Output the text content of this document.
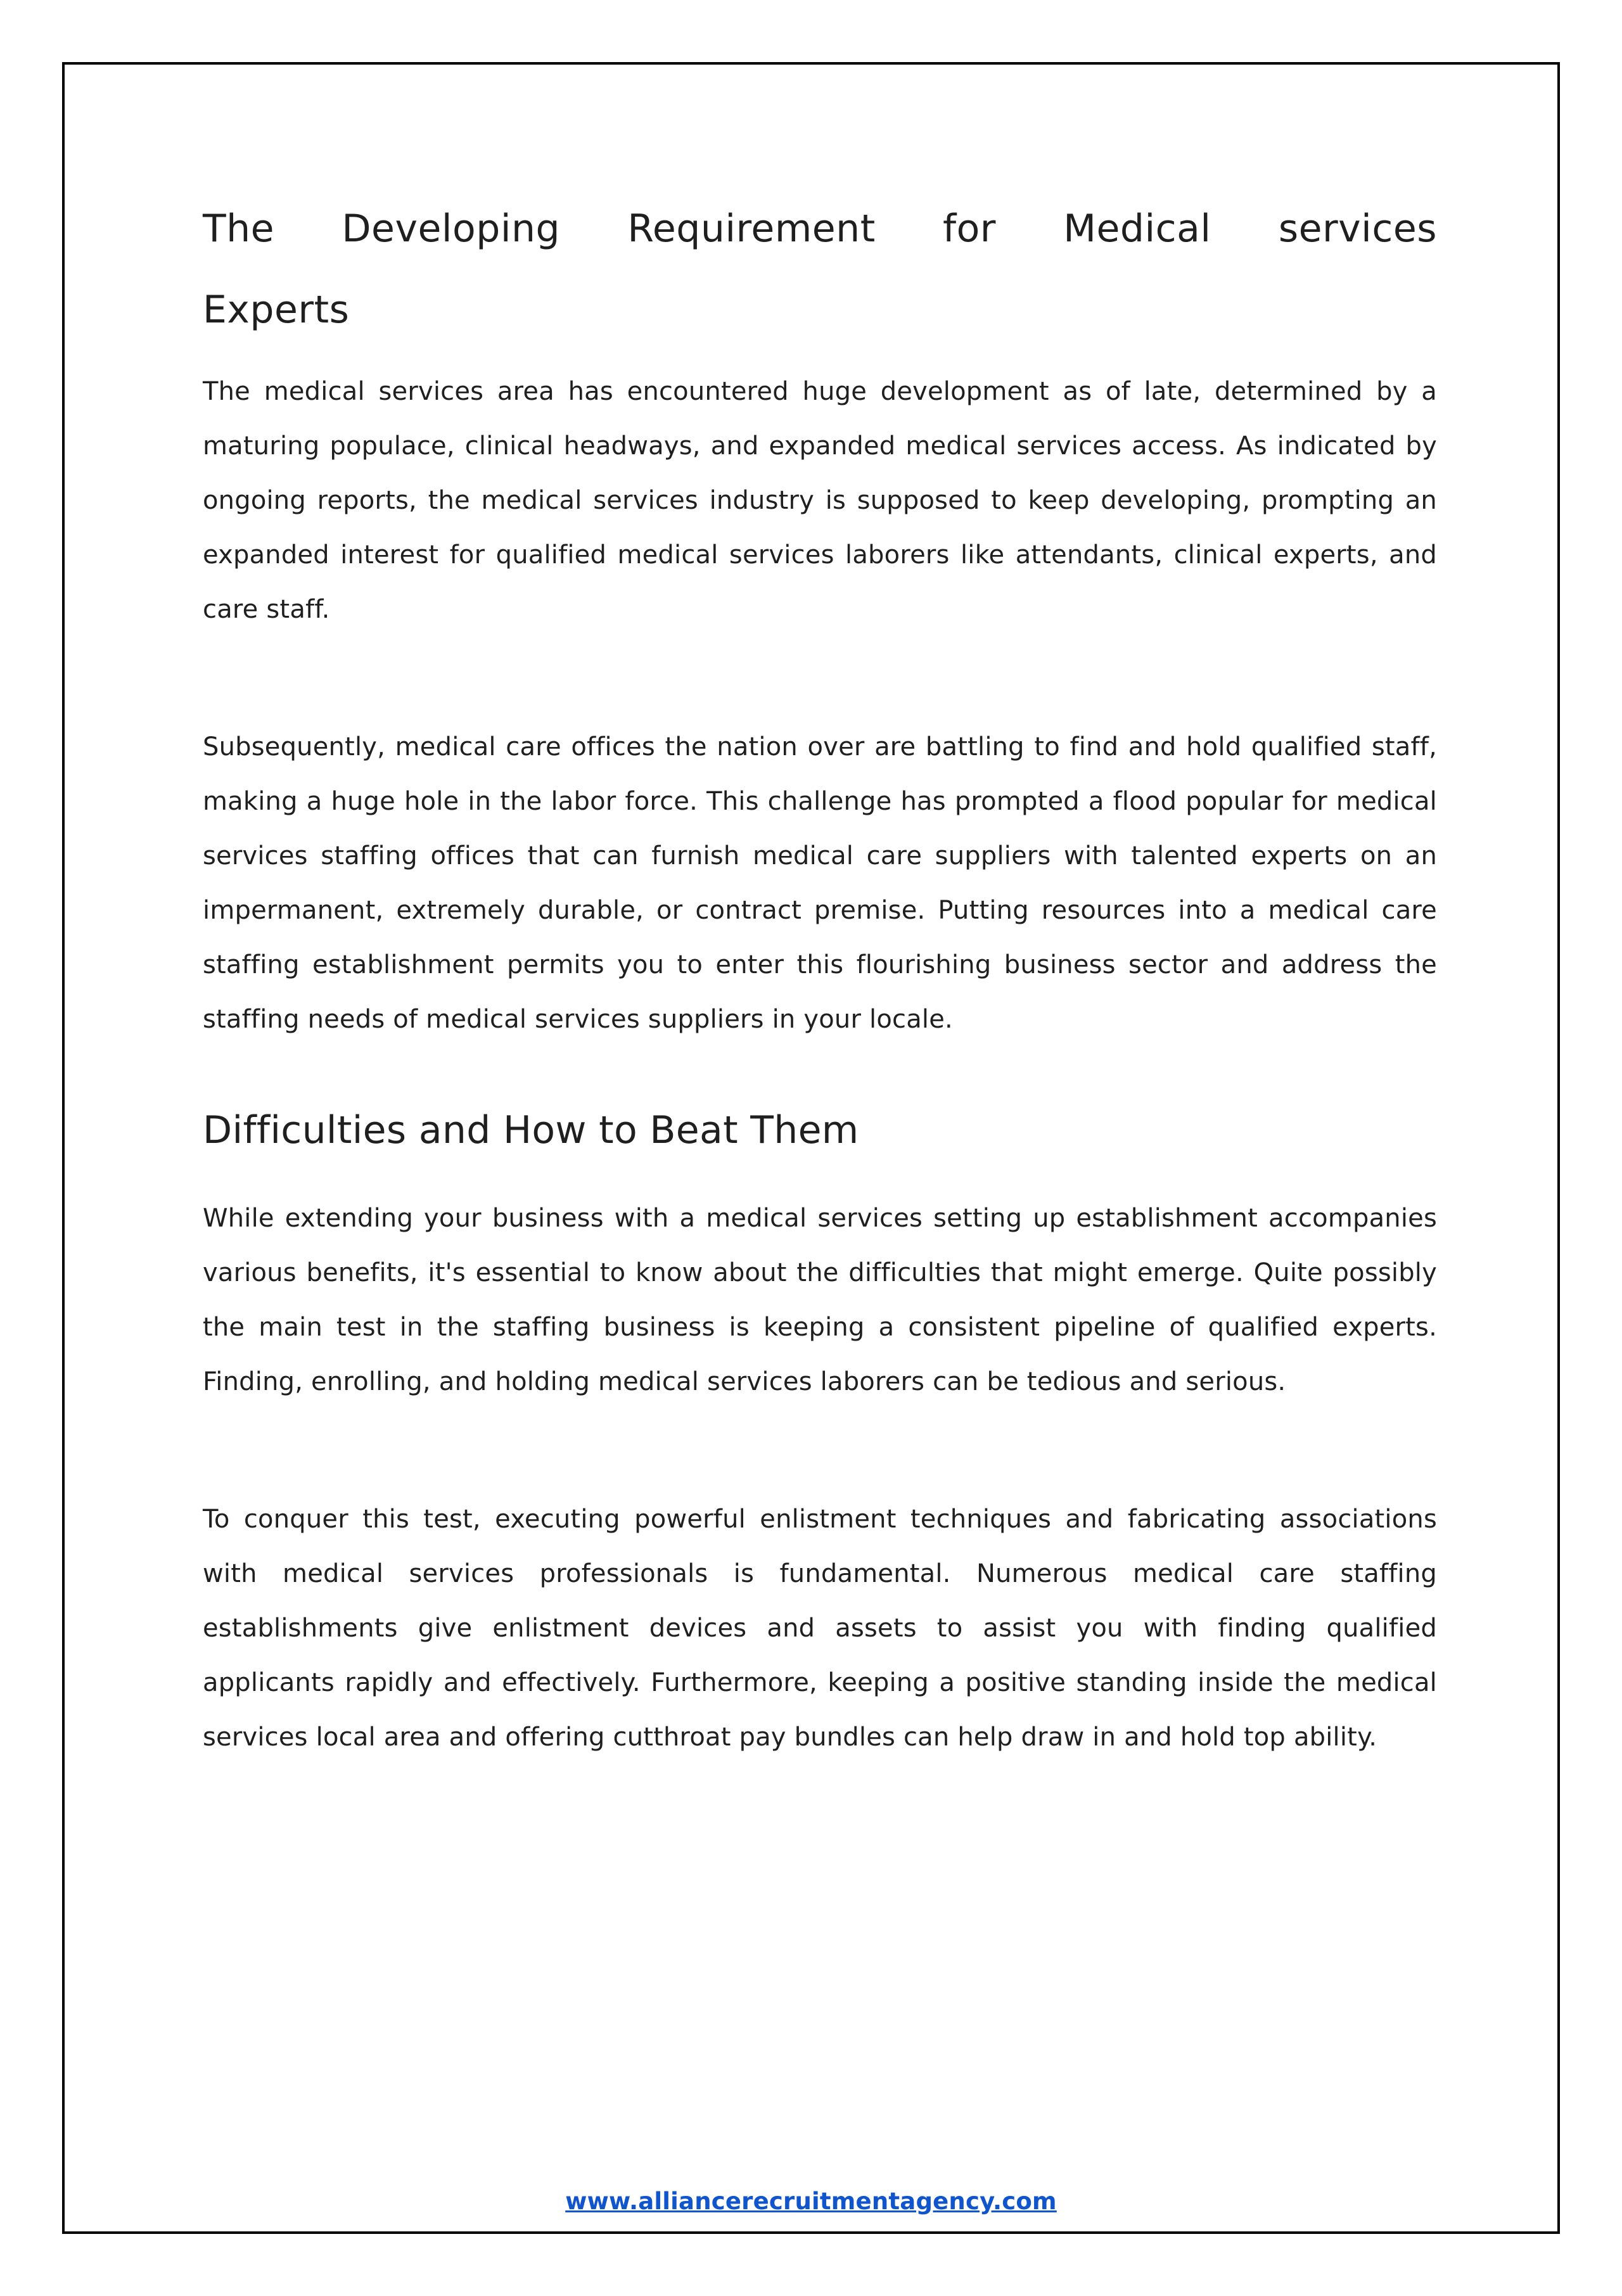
The Developing Requirement for Medical services
Experts

The medical services area has encountered huge development as of late, determined by a maturing populace, clinical headways, and expanded medical services access. As indicated by ongoing reports, the medical services industry is supposed to keep developing, prompting an expanded interest for qualified medical services laborers like attendants, clinical experts, and care staff.

Subsequently, medical care offices the nation over are battling to find and hold qualified staff, making a huge hole in the labor force. This challenge has prompted a flood popular for medical services staffing offices that can furnish medical care suppliers with talented experts on an impermanent, extremely durable, or contract premise. Putting resources into a medical care staffing establishment permits you to enter this flourishing business sector and address the staffing needs of medical services suppliers in your locale.

Difficulties and How to Beat Them

While extending your business with a medical services setting up establishment accompanies various benefits, it's essential to know about the difficulties that might emerge. Quite possibly the main test in the staffing business is keeping a consistent pipeline of qualified experts. Finding, enrolling, and holding medical services laborers can be tedious and serious.

To conquer this test, executing powerful enlistment techniques and fabricating associations with medical services professionals is fundamental. Numerous medical care staffing establishments give enlistment devices and assets to assist you with finding qualified applicants rapidly and effectively. Furthermore, keeping a positive standing inside the medical services local area and offering cutthroat pay bundles can help draw in and hold top ability.

www.alliancerecruitmentagency.com
